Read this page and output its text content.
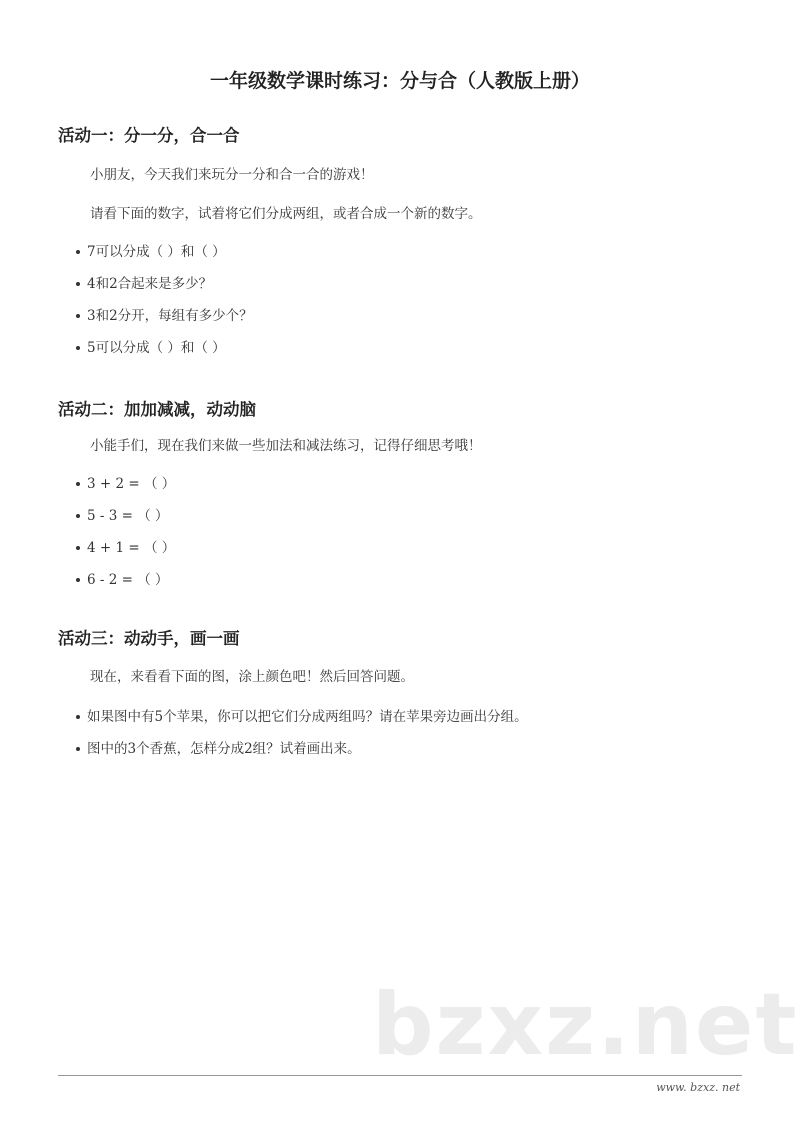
bzxz.net
一年级数学课时练习：分与合（人教版上册）
活动一：分一分，合一合
小朋友，今天我们来玩分一分和合一合的游戏！
请看下面的数字，试着将它们分成两组，或者合成一个新的数字。
7可以分成（ ）和（ ）
4和2合起来是多少？
3和2分开，每组有多少个？
5可以分成（ ）和（ ）
活动二：加加减减，动动脑
小能手们，现在我们来做一些加法和减法练习，记得仔细思考哦！
3 + 2 = （ ）
5 - 3 = （ ）
4 + 1 = （ ）
6 - 2 = （ ）
活动三：动动手，画一画
现在，来看看下面的图，涂上颜色吧！然后回答问题。
如果图中有5个苹果，你可以把它们分成两组吗？请在苹果旁边画出分组。
图中的3个香蕉，怎样分成2组？试着画出来。
www. bzxz. net
